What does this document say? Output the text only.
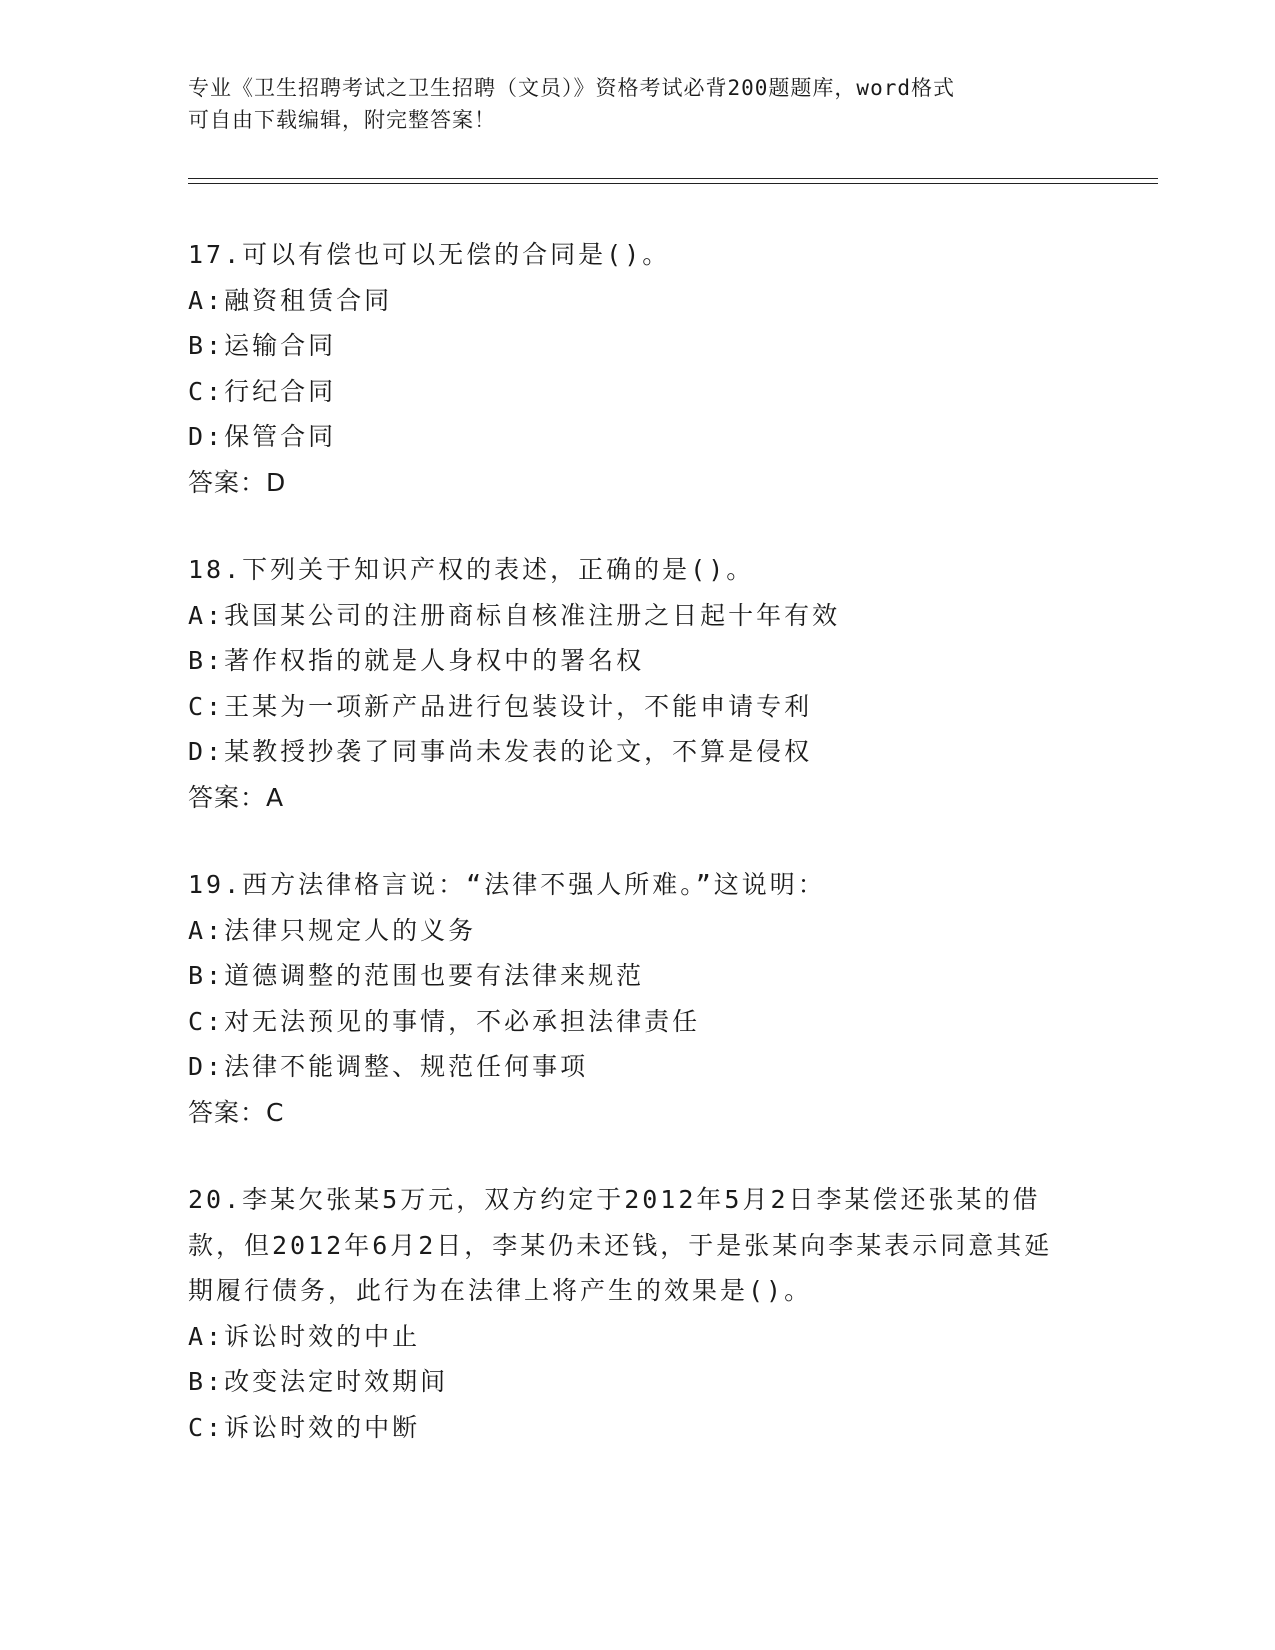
专业《卫生招聘考试之卫生招聘（文员）》资格考试必背200题题库，word格式
可自由下载编辑，附完整答案！
17.可以有偿也可以无偿的合同是()。
A:融资租赁合同
B:运输合同
C:行纪合同
D:保管合同
答案：D
18.下列关于知识产权的表述，正确的是()。
A:我国某公司的注册商标自核准注册之日起十年有效
B:著作权指的就是人身权中的署名权
C:王某为一项新产品进行包装设计，不能申请专利
D:某教授抄袭了同事尚未发表的论文，不算是侵权
答案：A
19.西方法律格言说：“法律不强人所难。”这说明：
A:法律只规定人的义务
B:道德调整的范围也要有法律来规范
C:对无法预见的事情，不必承担法律责任
D:法律不能调整、规范任何事项
答案：C
20.李某欠张某5万元，双方约定于2012年5月2日李某偿还张某的借款，但2012年6月2日，李某仍未还钱，于是张某向李某表示同意其延期履行债务，此行为在法律上将产生的效果是()。
A:诉讼时效的中止
B:改变法定时效期间
C:诉讼时效的中断
